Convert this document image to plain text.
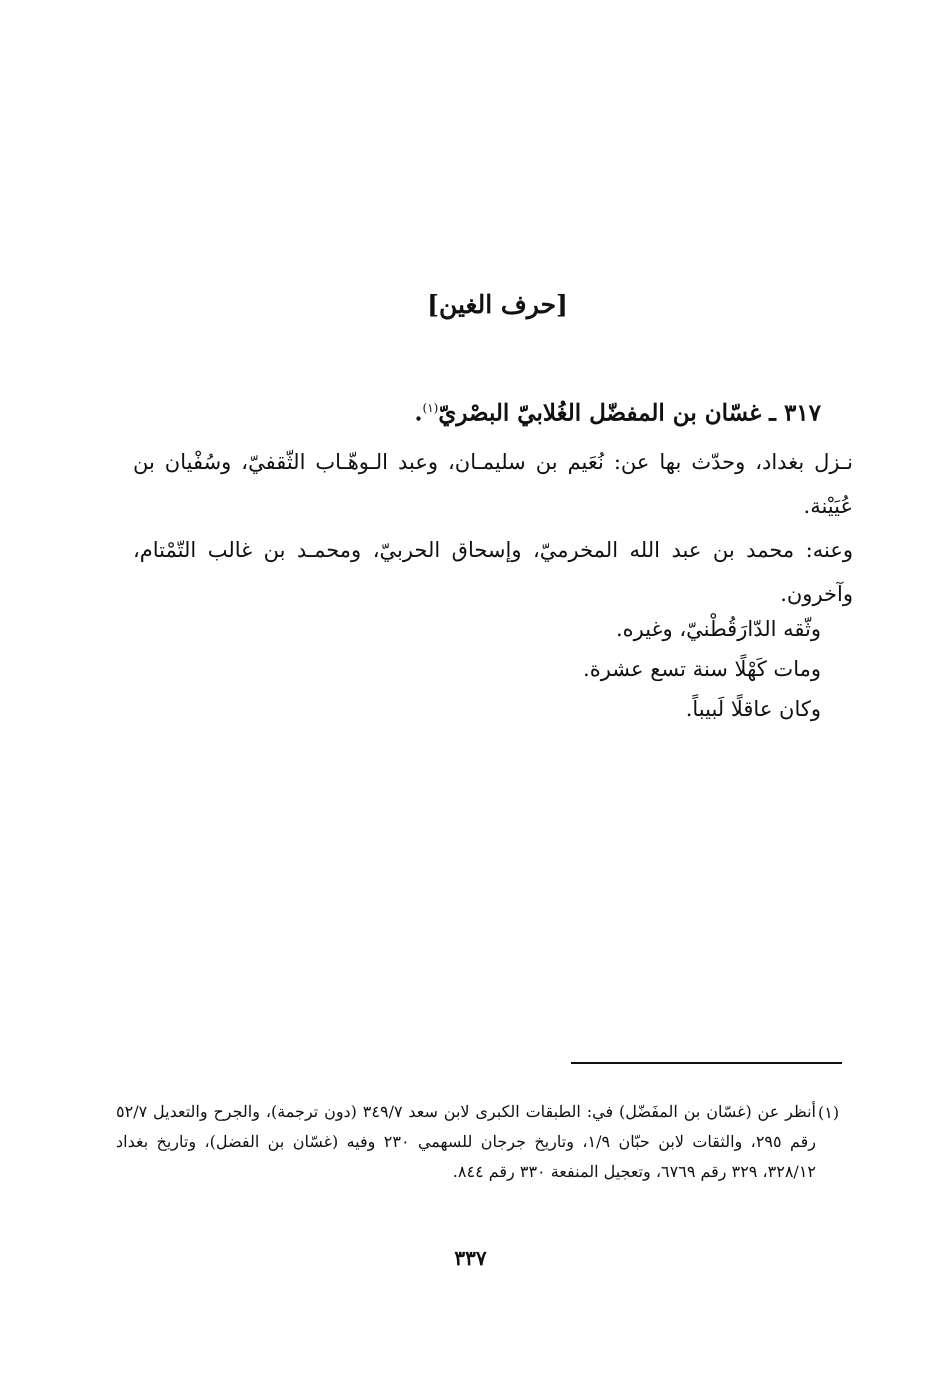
[حرف الغين]
٣١٧ ـ غسّان بن المفضّل الغُلابيّ البصْريّ$^{(١)}$.
نـزل بغداد، وحدّث بها عن: نُعَيم بن سليمـان، وعبد الـوهّـاب الثّقفيّ، وسُفْيان بن عُيَيْنة.
وعنه: محمد بن عبد الله المخرميّ، وإسحاق الحربيّ، ومحمـد بن غالب التّمْتام، وآخرون.
وثّقه الدّارَقُطْنيّ، وغيره.
ومات كَهْلًا سنة تسع عشرة.
وكان عاقلًا لَبيباً.
(١)
أنظر عن (غسّان بن المفَضّل) في: الطبقات الكبرى لابن سعد ٣٤٩/٧ (دون ترجمة)، والجرح والتعديل ٥٢/٧ رقم ٢٩٥، والثقات لابن حبّان ١/٩، وتاريخ جرجان للسهمي ٢٣٠ وفيه (غسّان بن الفضل)، وتاريخ بغداد ٣٢٨/١٢، ٣٢٩ رقم ٦٧٦٩، وتعجيل المنفعة ٣٣٠ رقم ٨٤٤.
٣٣٧
